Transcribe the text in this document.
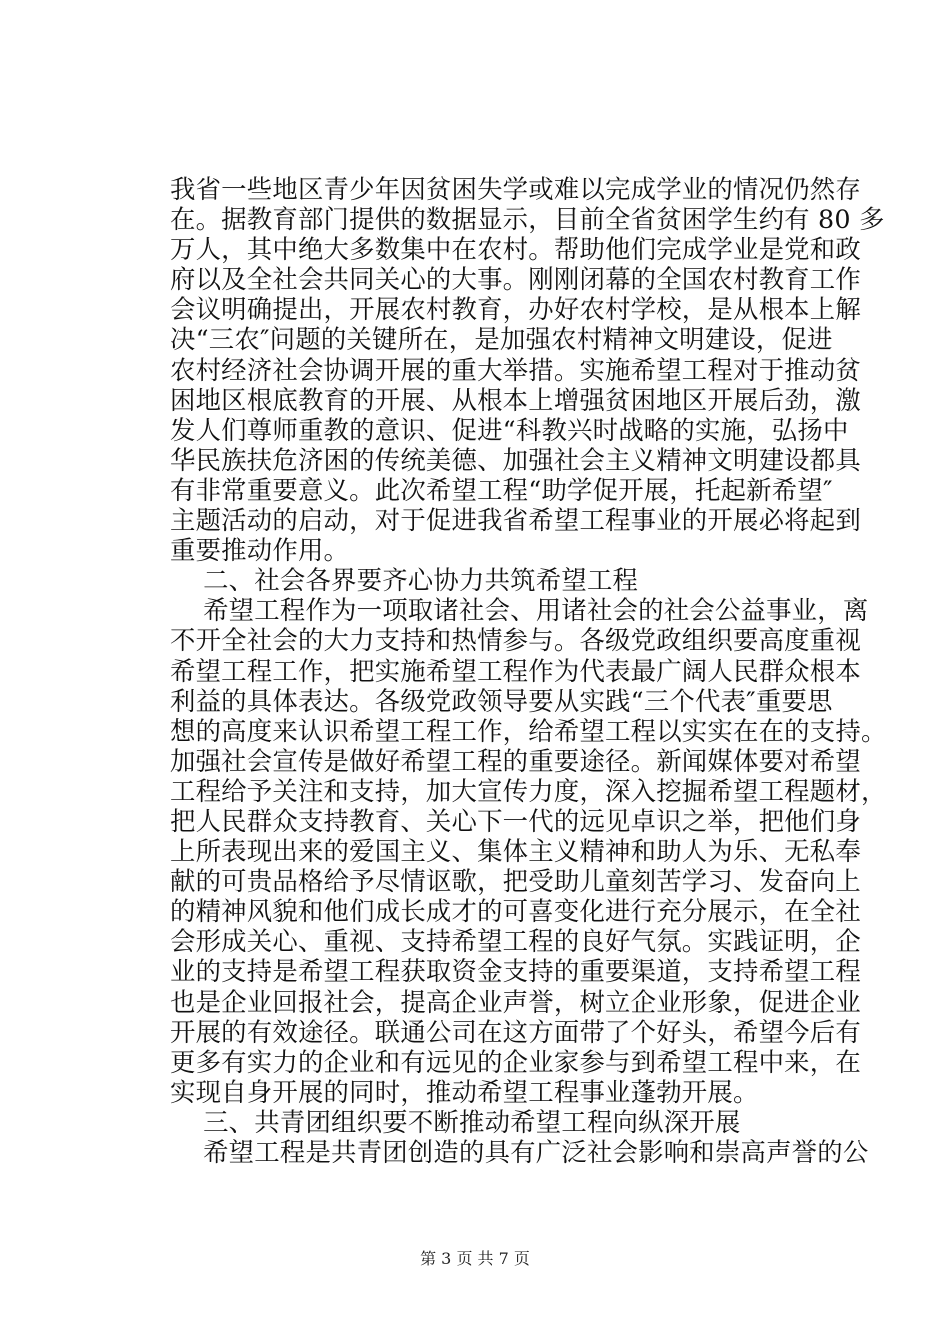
我省一些地区青少年因贫困失学或难以完成学业的情况仍然存
在。据教育部门提供的数据显示，目前全省贫困学生约有 80 多
万人，其中绝大多数集中在农村。帮助他们完成学业是党和政
府以及全社会共同关心的大事。刚刚闭幕的全国农村教育工作
会议明确提出，开展农村教育，办好农村学校，是从根本上解
决“三农″问题的关键所在，是加强农村精神文明建设，促进
农村经济社会协调开展的重大举措。实施希望工程对于推动贫
困地区根底教育的开展、从根本上增强贫困地区开展后劲，激
发人们尊师重教的意识、促进“科教兴时战略的实施，弘扬中
华民族扶危济困的传统美德、加强社会主义精神文明建设都具
有非常重要意义。此次希望工程“助学促开展，托起新希望″
主题活动的启动，对于促进我省希望工程事业的开展必将起到
重要推动作用。
二、社会各界要齐心协力共筑希望工程
希望工程作为一项取诸社会、用诸社会的社会公益事业，离
不开全社会的大力支持和热情参与。各级党政组织要高度重视
希望工程工作，把实施希望工程作为代表最广阔人民群众根本
利益的具体表达。各级党政领导要从实践“三个代表″重要思
想的高度来认识希望工程工作，给希望工程以实实在在的支持。
加强社会宣传是做好希望工程的重要途径。新闻媒体要对希望
工程给予关注和支持，加大宣传力度，深入挖掘希望工程题材，
把人民群众支持教育、关心下一代的远见卓识之举，把他们身
上所表现出来的爱国主义、集体主义精神和助人为乐、无私奉
献的可贵品格给予尽情讴歌，把受助儿童刻苦学习、发奋向上
的精神风貌和他们成长成才的可喜变化进行充分展示，在全社
会形成关心、重视、支持希望工程的良好气氛。实践证明，企
业的支持是希望工程获取资金支持的重要渠道，支持希望工程
也是企业回报社会，提高企业声誉，树立企业形象，促进企业
开展的有效途径。联通公司在这方面带了个好头，希望今后有
更多有实力的企业和有远见的企业家参与到希望工程中来，在
实现自身开展的同时，推动希望工程事业蓬勃开展。
三、共青团组织要不断推动希望工程向纵深开展
希望工程是共青团创造的具有广泛社会影响和崇高声誉的公
第 3 页 共 7 页
